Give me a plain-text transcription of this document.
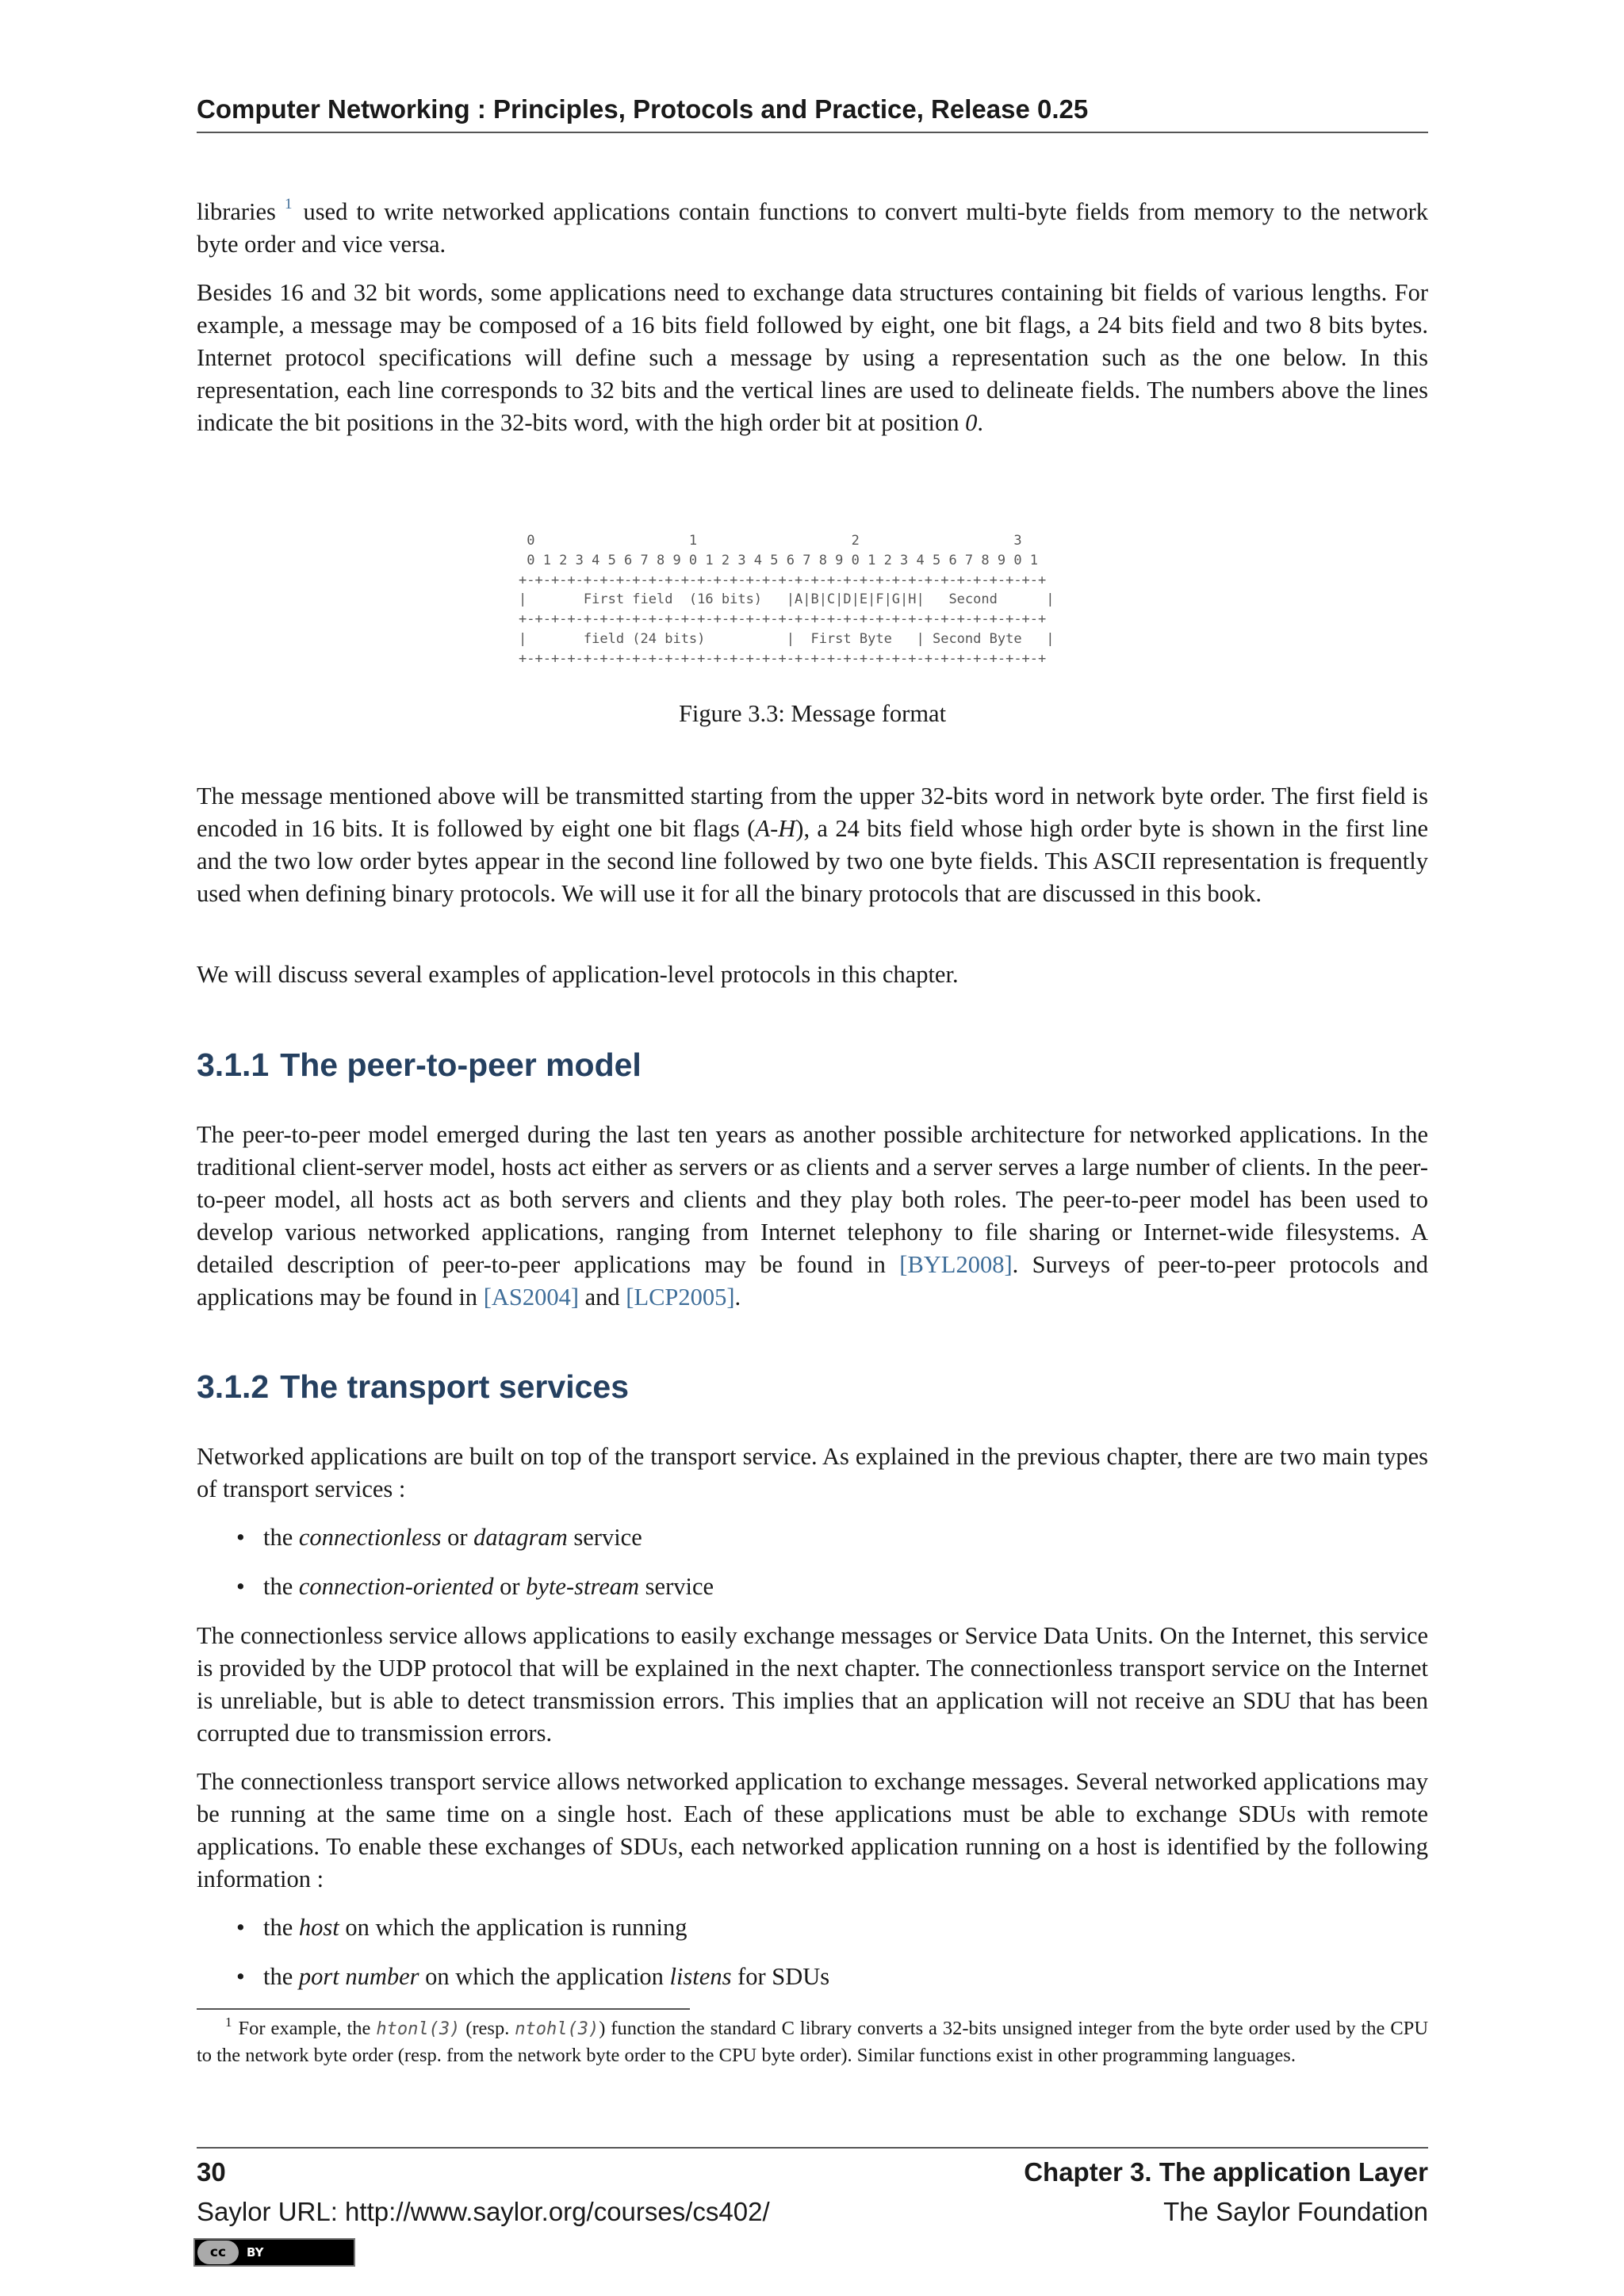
Computer Networking : Principles, Protocols and Practice, Release 0.25

libraries $^1$ used to write networked applications contain functions to convert multi-byte fields from memory to the network byte order and vice versa.

Besides 16 and 32 bit words, some applications need to exchange data structures containing bit fields of various lengths. For example, a message may be composed of a 16 bits field followed by eight, one bit flags, a 24 bits field and two 8 bits bytes. Internet protocol specifications will define such a message by using a representation such as the one below. In this representation, each line corresponds to 32 bits and the vertical lines are used to delineate fields. The numbers above the lines indicate the bit positions in the 32-bits word, with the high order bit at position 0.

0                   1                   2                   3
0 1 2 3 4 5 6 7 8 9 0 1 2 3 4 5 6 7 8 9 0 1 2 3 4 5 6 7 8 9 0 1
+-+-+-+-+-+-+-+-+-+-+-+-+-+-+-+-+-+-+-+-+-+-+-+-+-+-+-+-+-+-+-+-+
|       First field  (16 bits)   |A|B|C|D|E|F|G|H|   Second      |
+-+-+-+-+-+-+-+-+-+-+-+-+-+-+-+-+-+-+-+-+-+-+-+-+-+-+-+-+-+-+-+-+
|       field (24 bits)          |  First Byte   | Second Byte   |
+-+-+-+-+-+-+-+-+-+-+-+-+-+-+-+-+-+-+-+-+-+-+-+-+-+-+-+-+-+-+-+-+
Figure 3.3: Message format

The message mentioned above will be transmitted starting from the upper 32-bits word in network byte order. The first field is encoded in 16 bits. It is followed by eight one bit flags (A-H), a 24 bits field whose high order byte is shown in the first line and the two low order bytes appear in the second line followed by two one byte fields. This ASCII representation is frequently used when defining binary protocols. We will use it for all the binary protocols that are discussed in this book.

We will discuss several examples of application-level protocols in this chapter.

3.1.1 The peer-to-peer model

The peer-to-peer model emerged during the last ten years as another possible architecture for networked applications. In the traditional client-server model, hosts act either as servers or as clients and a server serves a large number of clients. In the peer-to-peer model, all hosts act as both servers and clients and they play both roles. The peer-to-peer model has been used to develop various networked applications, ranging from Internet telephony to file sharing or Internet-wide filesystems. A detailed description of peer-to-peer applications may be found in [BYL2008]. Surveys of peer-to-peer protocols and applications may be found in [AS2004] and [LCP2005].

3.1.2 The transport services

Networked applications are built on top of the transport service. As explained in the previous chapter, there are two main types of transport services :

• the connectionless or datagram service
• the connection-oriented or byte-stream service

The connectionless service allows applications to easily exchange messages or Service Data Units. On the Internet, this service is provided by the UDP protocol that will be explained in the next chapter. The connectionless transport service on the Internet is unreliable, but is able to detect transmission errors. This implies that an application will not receive an SDU that has been corrupted due to transmission errors.

The connectionless transport service allows networked application to exchange messages. Several networked applications may be running at the same time on a single host. Each of these applications must be able to exchange SDUs with remote applications. To enable these exchanges of SDUs, each networked application running on a host is identified by the following information :

• the host on which the application is running
• the port number on which the application listens for SDUs
$^1$ For example, the htonl(3) (resp. ntohl(3)) function the standard C library converts a 32-bits unsigned integer from the byte order used by the CPU to the network byte order (resp. from the network byte order to the CPU byte order). Similar functions exist in other programming languages.
30	Chapter 3. The application Layer
Saylor URL: http://www.saylor.org/courses/cs402/	The Saylor Foundation
cc	BY
